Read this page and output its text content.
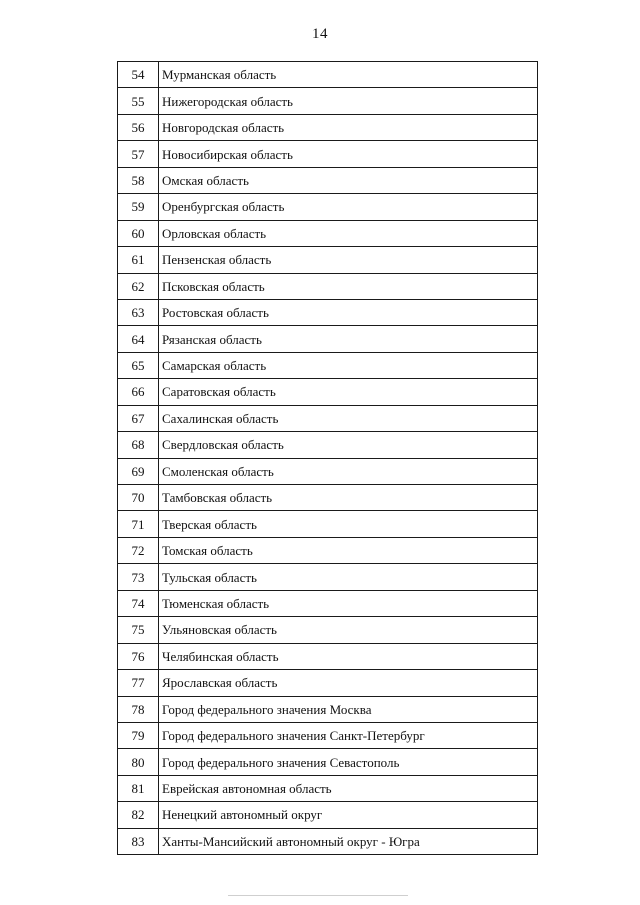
14
54	Мурманская область
55	Нижегородская область
56	Новгородская область
57	Новосибирская область
58	Омская область
59	Оренбургская область
60	Орловская область
61	Пензенская область
62	Псковская область
63	Ростовская область
64	Рязанская область
65	Самарская область
66	Саратовская область
67	Сахалинская область
68	Свердловская область
69	Смоленская область
70	Тамбовская область
71	Тверская область
72	Томская область
73	Тульская область
74	Тюменская область
75	Ульяновская область
76	Челябинская область
77	Ярославская область
78	Город федерального значения Москва
79	Город федерального значения Санкт-Петербург
80	Город федерального значения Севастополь
81	Еврейская автономная область
82	Ненецкий автономный округ
83	Ханты-Мансийский автономный округ - Югра
